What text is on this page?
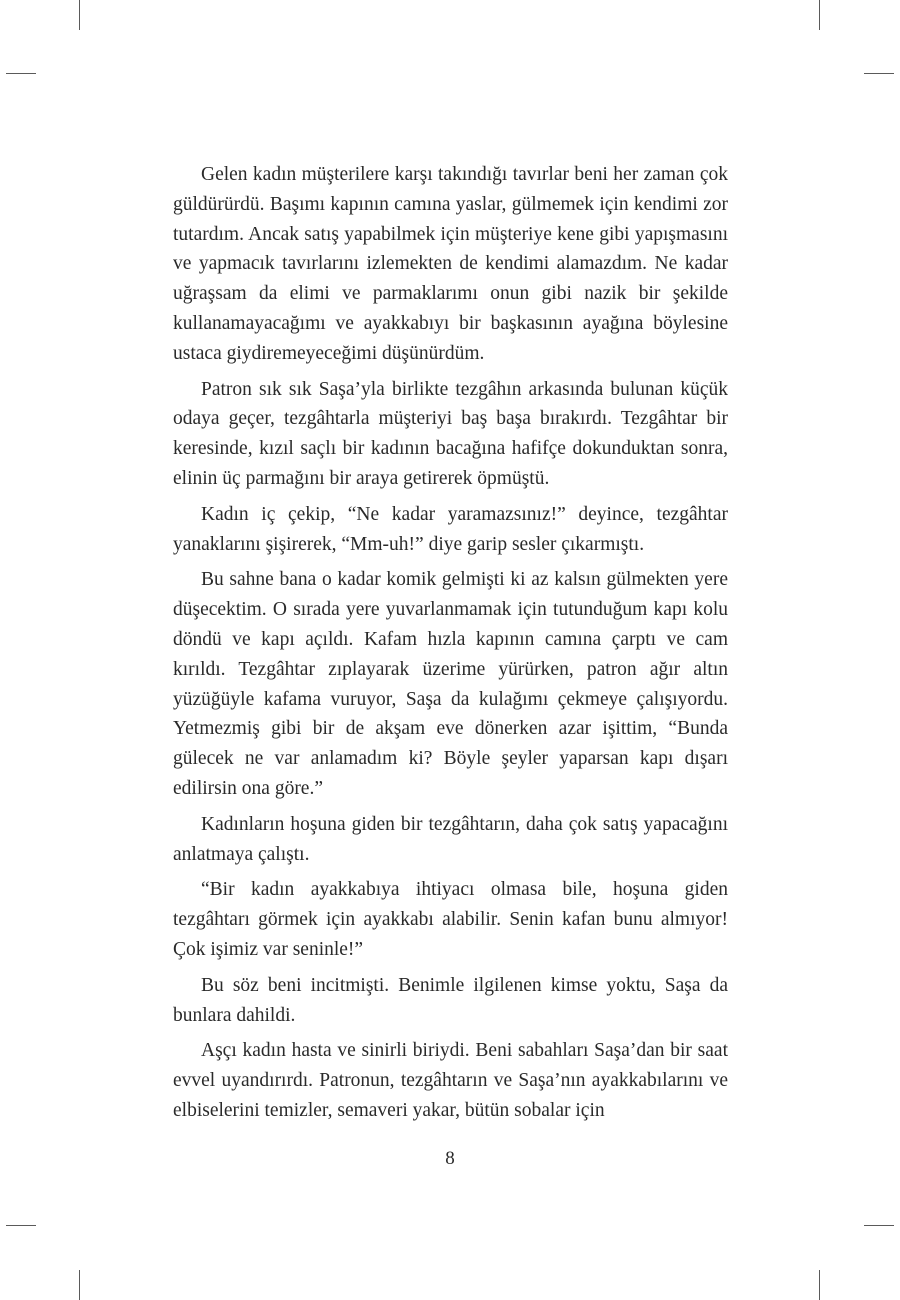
Gelen kadın müşterilere karşı takındığı tavırlar beni her zaman çok güldürürdü. Başımı kapının camına yaslar, gülmemek için kendimi zor tutardım. Ancak satış yapabilmek için müşteriye kene gibi yapışmasını ve yapmacık tavırlarını izlemekten de kendimi alamazdım. Ne kadar uğraşsam da elimi ve parmaklarımı onun gibi nazik bir şekilde kullanamayacağımı ve ayakkabıyı bir başkasının ayağına böylesine ustaca giydiremeyeceğimi düşünürdüm.

Patron sık sık Saşa’yla birlikte tezgâhın arkasında bulunan küçük odaya geçer, tezgâhtarla müşteriyi baş başa bırakırdı. Tezgâhtar bir keresinde, kızıl saçlı bir kadının bacağına hafifçe dokunduktan sonra, elinin üç parmağını bir araya getirerek öpmüştü.

Kadın iç çekip, “Ne kadar yaramazsınız!” deyince, tezgâhtar yanaklarını şişirerek, “Mm-uh!” diye garip sesler çıkarmıştı.

Bu sahne bana o kadar komik gelmişti ki az kalsın gülmekten yere düşecektim. O sırada yere yuvarlanmamak için tutunduğum kapı kolu döndü ve kapı açıldı. Kafam hızla kapının camına çarptı ve cam kırıldı. Tezgâhtar zıplayarak üzerime yürürken, patron ağır altın yüzüğüyle kafama vuruyor, Saşa da kulağımı çekmeye çalışıyordu. Yetmezmiş gibi bir de akşam eve dönerken azar işittim, “Bunda gülecek ne var anlamadım ki? Böyle şeyler yaparsan kapı dışarı edilirsin ona göre.”

Kadınların hoşuna giden bir tezgâhtarın, daha çok satış yapacağını anlatmaya çalıştı.

“Bir kadın ayakkabıya ihtiyacı olmasa bile, hoşuna giden tezgâhtarı görmek için ayakkabı alabilir. Senin kafan bunu almıyor! Çok işimiz var seninle!”

Bu söz beni incitmişti. Benimle ilgilenen kimse yoktu, Saşa da bunlara dahildi.

Aşçı kadın hasta ve sinirli biriydi. Beni sabahları Saşa’dan bir saat evvel uyandırırdı. Patronun, tezgâhtarın ve Saşa’nın ayakkabılarını ve elbiselerini temizler, semaveri yakar, bütün sobalar için

8
